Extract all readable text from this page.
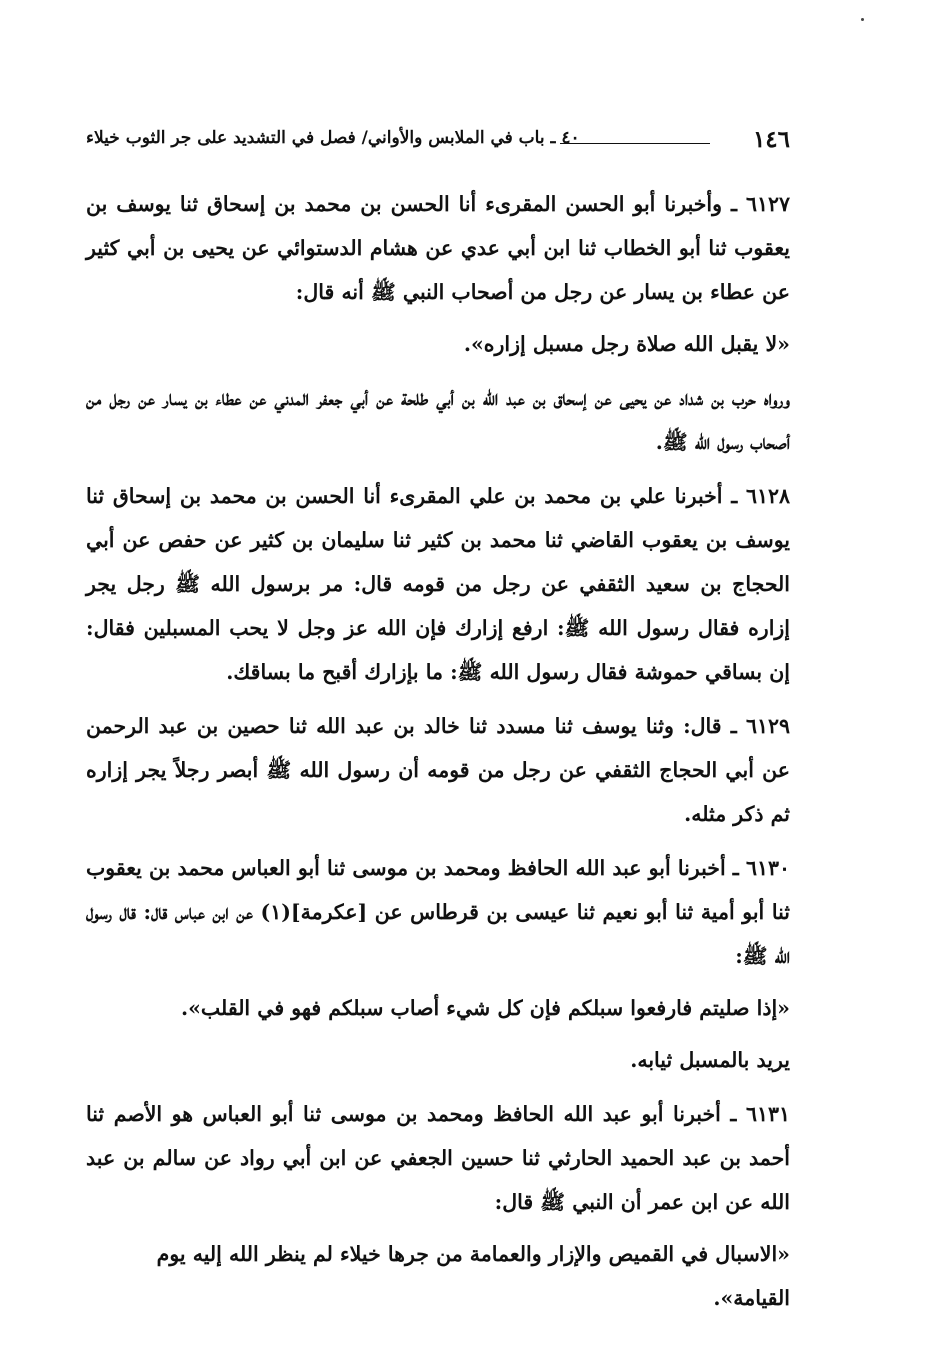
١٤٦
٤٠ ـ باب في الملابس والأواني/ فصل في التشديد على جر الثوب خيلاء

٦١٢٧ ـ وأخبرنا أبو الحسن المقرىء أنا الحسن بن محمد بن إسحاق ثنا يوسف بن يعقوب ثنا أبو الخطاب ثنا ابن أبي عدي عن هشام الدستوائي عن يحيى بن أبي كثير عن عطاء بن يسار عن رجل من أصحاب النبي ﷺ أنه قال:

«لا يقبل الله صلاة رجل مسبل إزاره».

ورواه حرب بن شداد عن يحيى عن إسحاق بن عبد الله بن أبي طلحة عن أبي جعفر المدني عن عطاء بن يسار عن رجل من أصحاب رسول الله ﷺ.

٦١٢٨ ـ أخبرنا علي بن محمد بن علي المقرىء أنا الحسن بن محمد بن إسحاق ثنا يوسف بن يعقوب القاضي ثنا محمد بن كثير ثنا سليمان بن كثير عن حفص عن أبي الحجاج بن سعيد الثقفي عن رجل من قومه قال: مر برسول الله ﷺ رجل يجر إزاره فقال رسول الله ﷺ: ارفع إزارك فإن الله عز وجل لا يحب المسبلين فقال: إن بساقي حموشة فقال رسول الله ﷺ: ما بإزارك أقبح ما بساقك.

٦١٢٩ ـ قال: وثنا يوسف ثنا مسدد ثنا خالد بن عبد الله ثنا حصين بن عبد الرحمن عن أبي الحجاج الثقفي عن رجل من قومه أن رسول الله ﷺ أبصر رجلاً يجر إزاره ثم ذكر مثله.

٦١٣٠ ـ أخبرنا أبو عبد الله الحافظ ومحمد بن موسى ثنا أبو العباس محمد بن يعقوب ثنا أبو أمية ثنا أبو نعيم ثنا عيسى بن قرطاس عن [عكرمة](١) عن ابن عباس قال: قال رسول الله ﷺ:

«إذا صليتم فارفعوا سبلكم فإن كل شيء أصاب سبلكم فهو في القلب».

يريد بالمسبل ثيابه.

٦١٣١ ـ أخبرنا أبو عبد الله الحافظ ومحمد بن موسى ثنا أبو العباس هو الأصم ثنا أحمد بن عبد الحميد الحارثي ثنا حسين الجعفي عن ابن أبي رواد عن سالم بن عبد الله عن ابن عمر أن النبي ﷺ قال:

«الاسبال في القميص والإزار والعمامة من جرها خيلاء لم ينظر الله إليه يوم القيامة».
